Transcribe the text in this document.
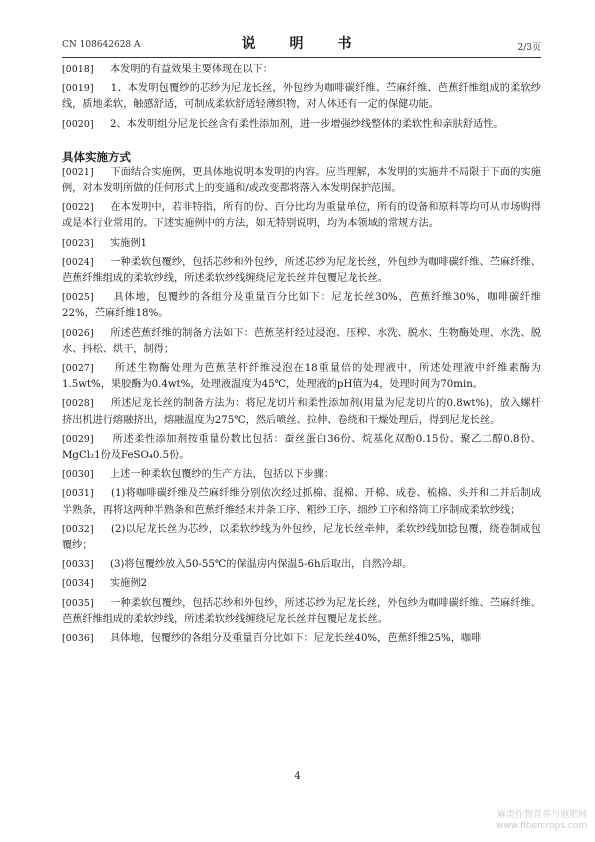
CN 108642628 A	说　明　书	2/3页
[0018] 本发明的有益效果主要体现在以下：
[0019] 1、本发明包覆纱的芯纱为尼龙长丝，外包纱为咖啡碳纤维、苎麻纤维、芭蕉纤维组成的柔软纱线，质地柔软，触感舒适，可制成柔软舒适轻薄织物，对人体还有一定的保健功能。
[0020] 2、本发明组分尼龙长丝含有柔性添加剂，进一步增强纱线整体的柔软性和亲肤舒适性。
具体实施方式
[0021] 下面结合实施例，更具体地说明本发明的内容。应当理解，本发明的实施并不局限于下面的实施例，对本发明所做的任何形式上的变通和/或改变都将落入本发明保护范围。
[0022] 在本发明中，若非特指，所有的份、百分比均为重量单位，所有的设备和原料等均可从市场购得或是本行业常用的。下述实施例中的方法，如无特别说明，均为本领域的常规方法。
[0023] 实施例1
[0024] 一种柔软包覆纱，包括芯纱和外包纱，所述芯纱为尼龙长丝，外包纱为咖啡碳纤维、苎麻纤维、芭蕉纤维组成的柔软纱线，所述柔软纱线缠绕尼龙长丝并包覆尼龙长丝。
[0025] 具体地，包覆纱的各组分及重量百分比如下：尼龙长丝30%，芭蕉纤维30%，咖啡碳纤维22%，苎麻纤维18%。
[0026] 所述芭蕉纤维的制备方法如下：芭蕉茎杆经过浸泡、压榨、水洗、脱水、生物酶处理、水洗、脱水、抖松、烘干，制得；
[0027] 所述生物酶处理为芭蕉茎杆纤维浸泡在18重量倍的处理液中，所述处理液中纤维素酶为1.5wt%，果胶酶为0.4wt%，处理液温度为45℃，处理液的pH值为4，处理时间为70min。
[0028] 所述尼龙长丝的制备方法为：将尼龙切片和柔性添加剂(用量为尼龙切片的0.8wt%)，放入螺杆挤出机进行熔融挤出，熔融温度为275℃，然后喷丝、拉伸、卷绕和干燥处理后，得到尼龙长丝。
[0029] 所述柔性添加剂按重量份数比包括：蚕丝蛋白36份、烷基化双酚0.15份、聚乙二醇0.8份、MgCl₂1份及FeSO₄0.5份。
[0030] 上述一种柔软包覆纱的生产方法，包括以下步骤：
[0031] (1)将咖啡碳纤维及苎麻纤维分别依次经过抓棉、混棉、开棉、成卷、梳棉、头并和二并后制成半熟条，再将这两种半熟条和芭蕉纤维经末并条工序、粗纱工序、细纱工序和络筒工序制成柔软纱线；
[0032] (2)以尼龙长丝为芯纱，以柔软纱线为外包纱，尼龙长丝牵伸，柔软纱线加捻包覆，绕卷制成包覆纱；
[0033] (3)将包覆纱放入50-55℃的保温房内保温5-6h后取出，自然冷却。
[0034] 实施例2
[0035] 一种柔软包覆纱，包括芯纱和外包纱，所述芯纱为尼龙长丝，外包纱为咖啡碳纤维、苎麻纤维、芭蕉纤维组成的柔软纱线，所述柔软纱线缠绕尼龙长丝并包覆尼龙长丝。
[0036] 具体地，包覆纱的各组分及重量百分比如下：尼龙长丝40%，芭蕉纤维25%，咖啡
4
麻类作物营养与施肥网
www.fibercrops.com
